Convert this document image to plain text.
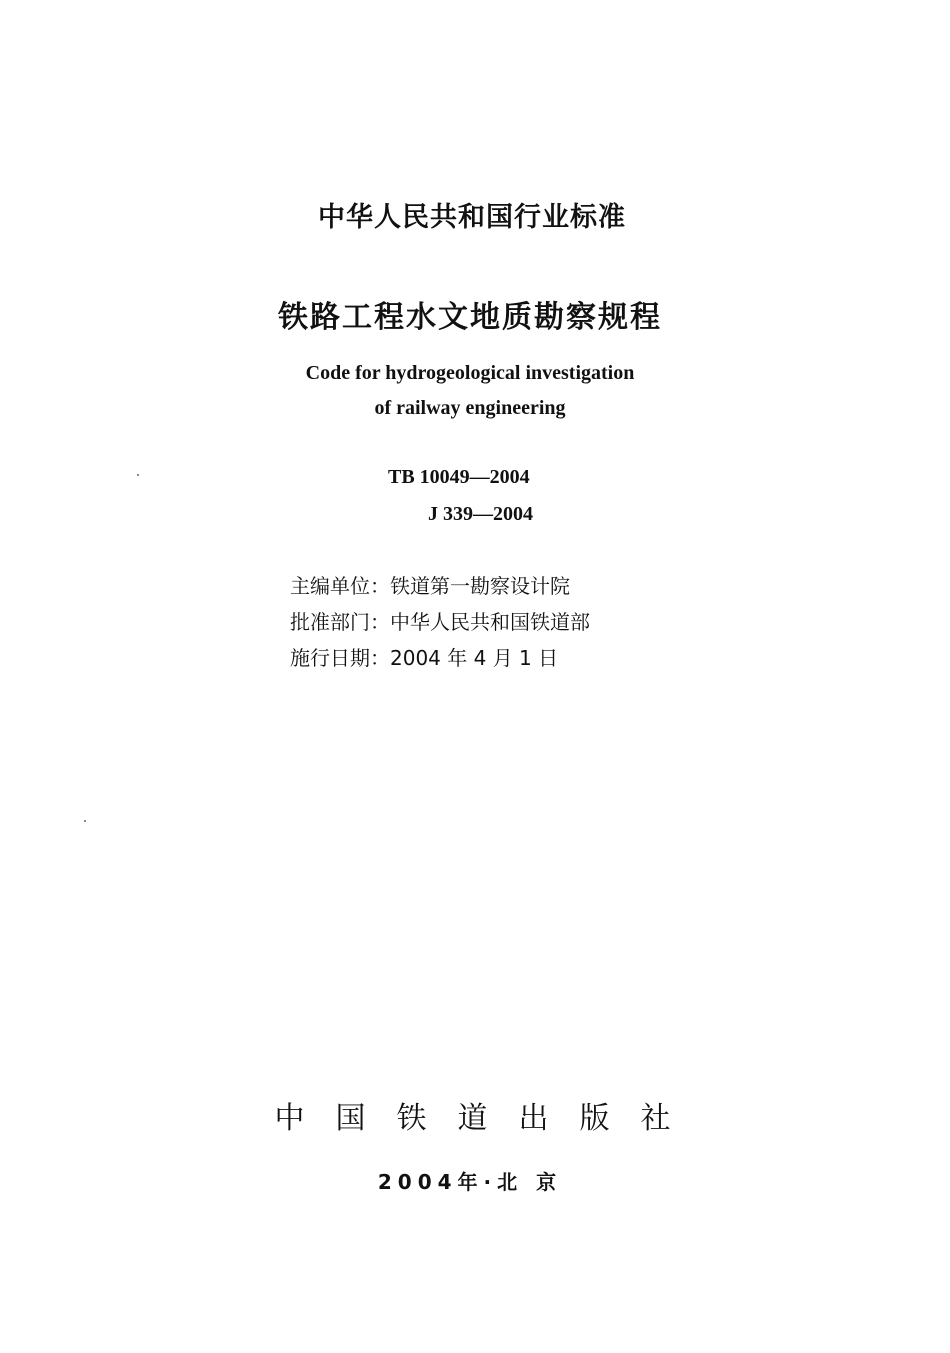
中华人民共和国行业标准
铁路工程水文地质勘察规程
Code for hydrogeological investigation
of railway engineering
TB 10049—2004
J 339—2004
主编单位：铁道第一勘察设计院
批准部门：中华人民共和国铁道部
施行日期：2004 年 4 月 1 日
中国铁道出版社
2004年·北 京
